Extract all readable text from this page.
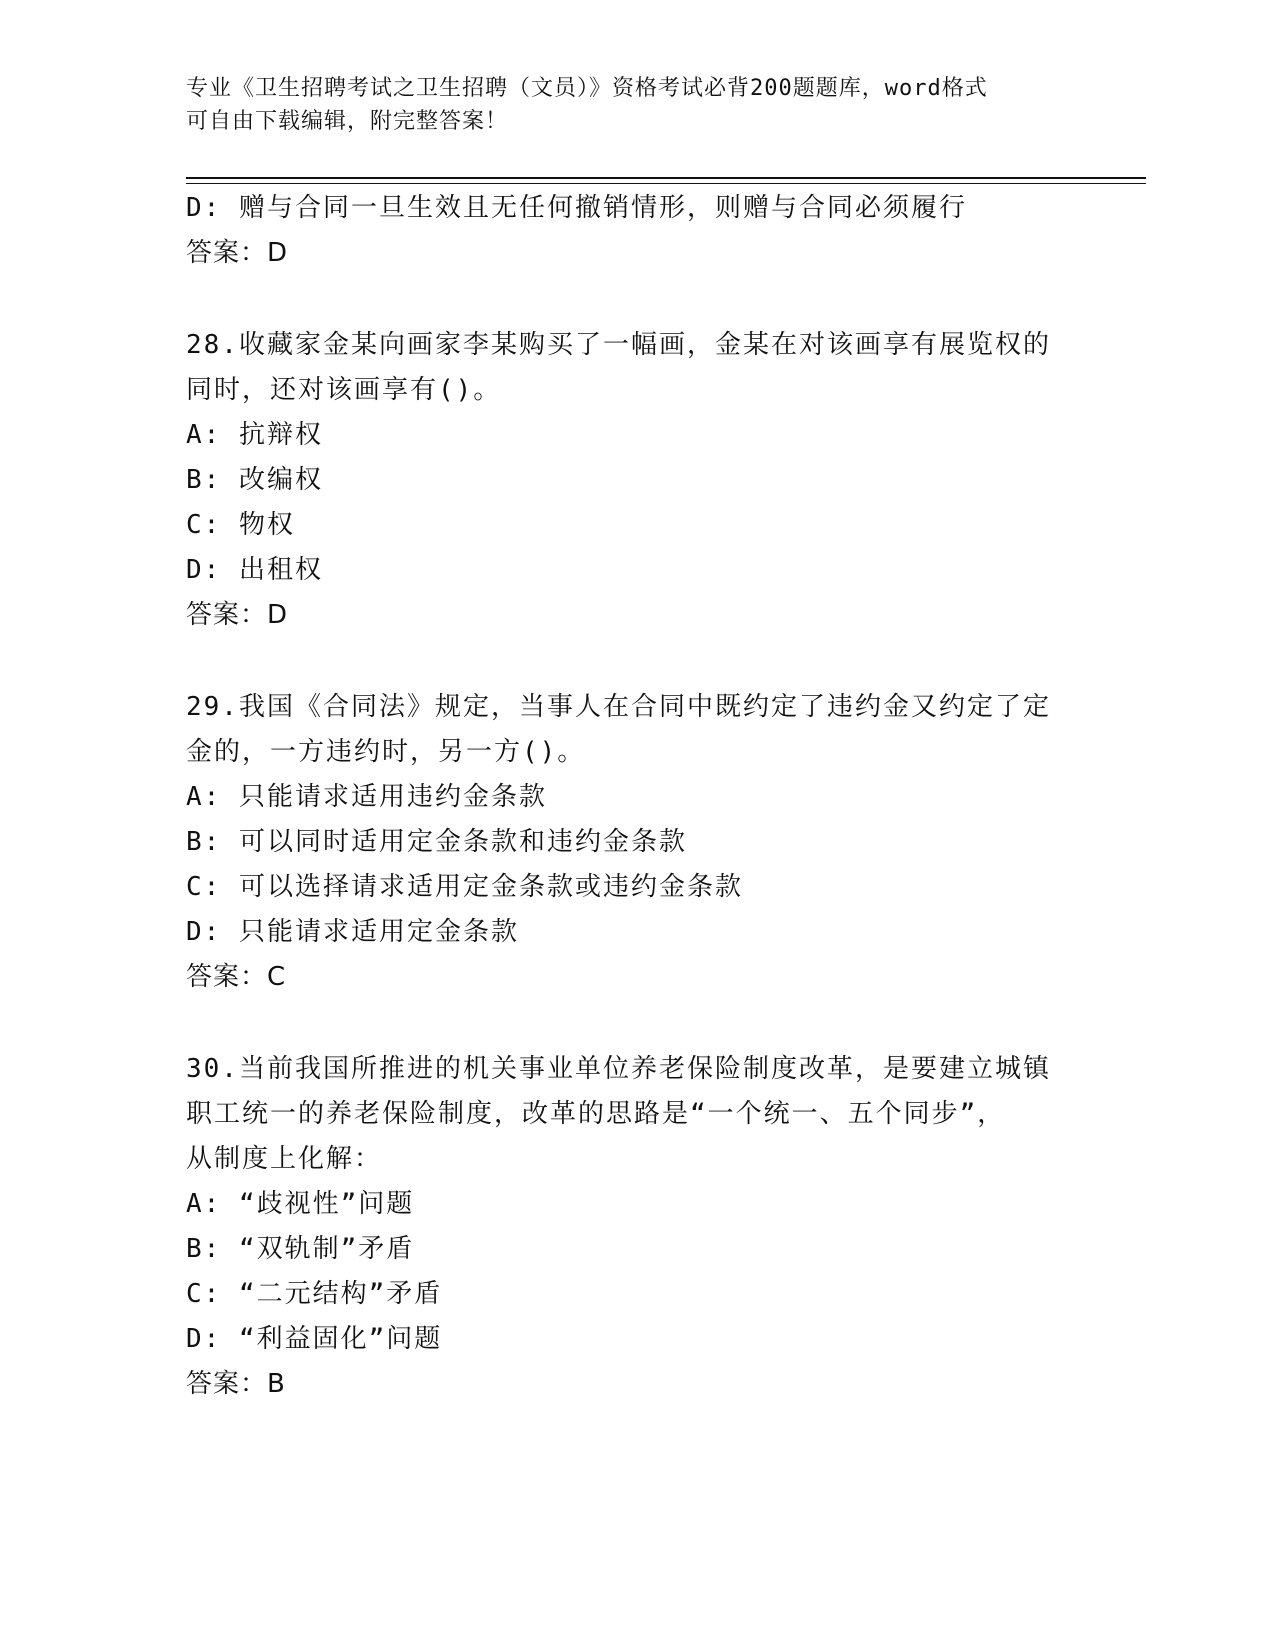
专业《卫生招聘考试之卫生招聘（文员）》资格考试必背200题题库，word格式
可自由下载编辑，附完整答案！
D: 赠与合同一旦生效且无任何撤销情形，则赠与合同必须履行
答案：D
28.收藏家金某向画家李某购买了一幅画，金某在对该画享有展览权的
同时，还对该画享有()。
A: 抗辩权
B: 改编权
C: 物权
D: 出租权
答案：D
29.我国《合同法》规定，当事人在合同中既约定了违约金又约定了定
金的，一方违约时，另一方()。
A: 只能请求适用违约金条款
B: 可以同时适用定金条款和违约金条款
C: 可以选择请求适用定金条款或违约金条款
D: 只能请求适用定金条款
答案：C
30.当前我国所推进的机关事业单位养老保险制度改革，是要建立城镇
职工统一的养老保险制度，改革的思路是“一个统一、五个同步”，
从制度上化解：
A: “歧视性”问题
B: “双轨制”矛盾
C: “二元结构”矛盾
D: “利益固化”问题
答案：B
